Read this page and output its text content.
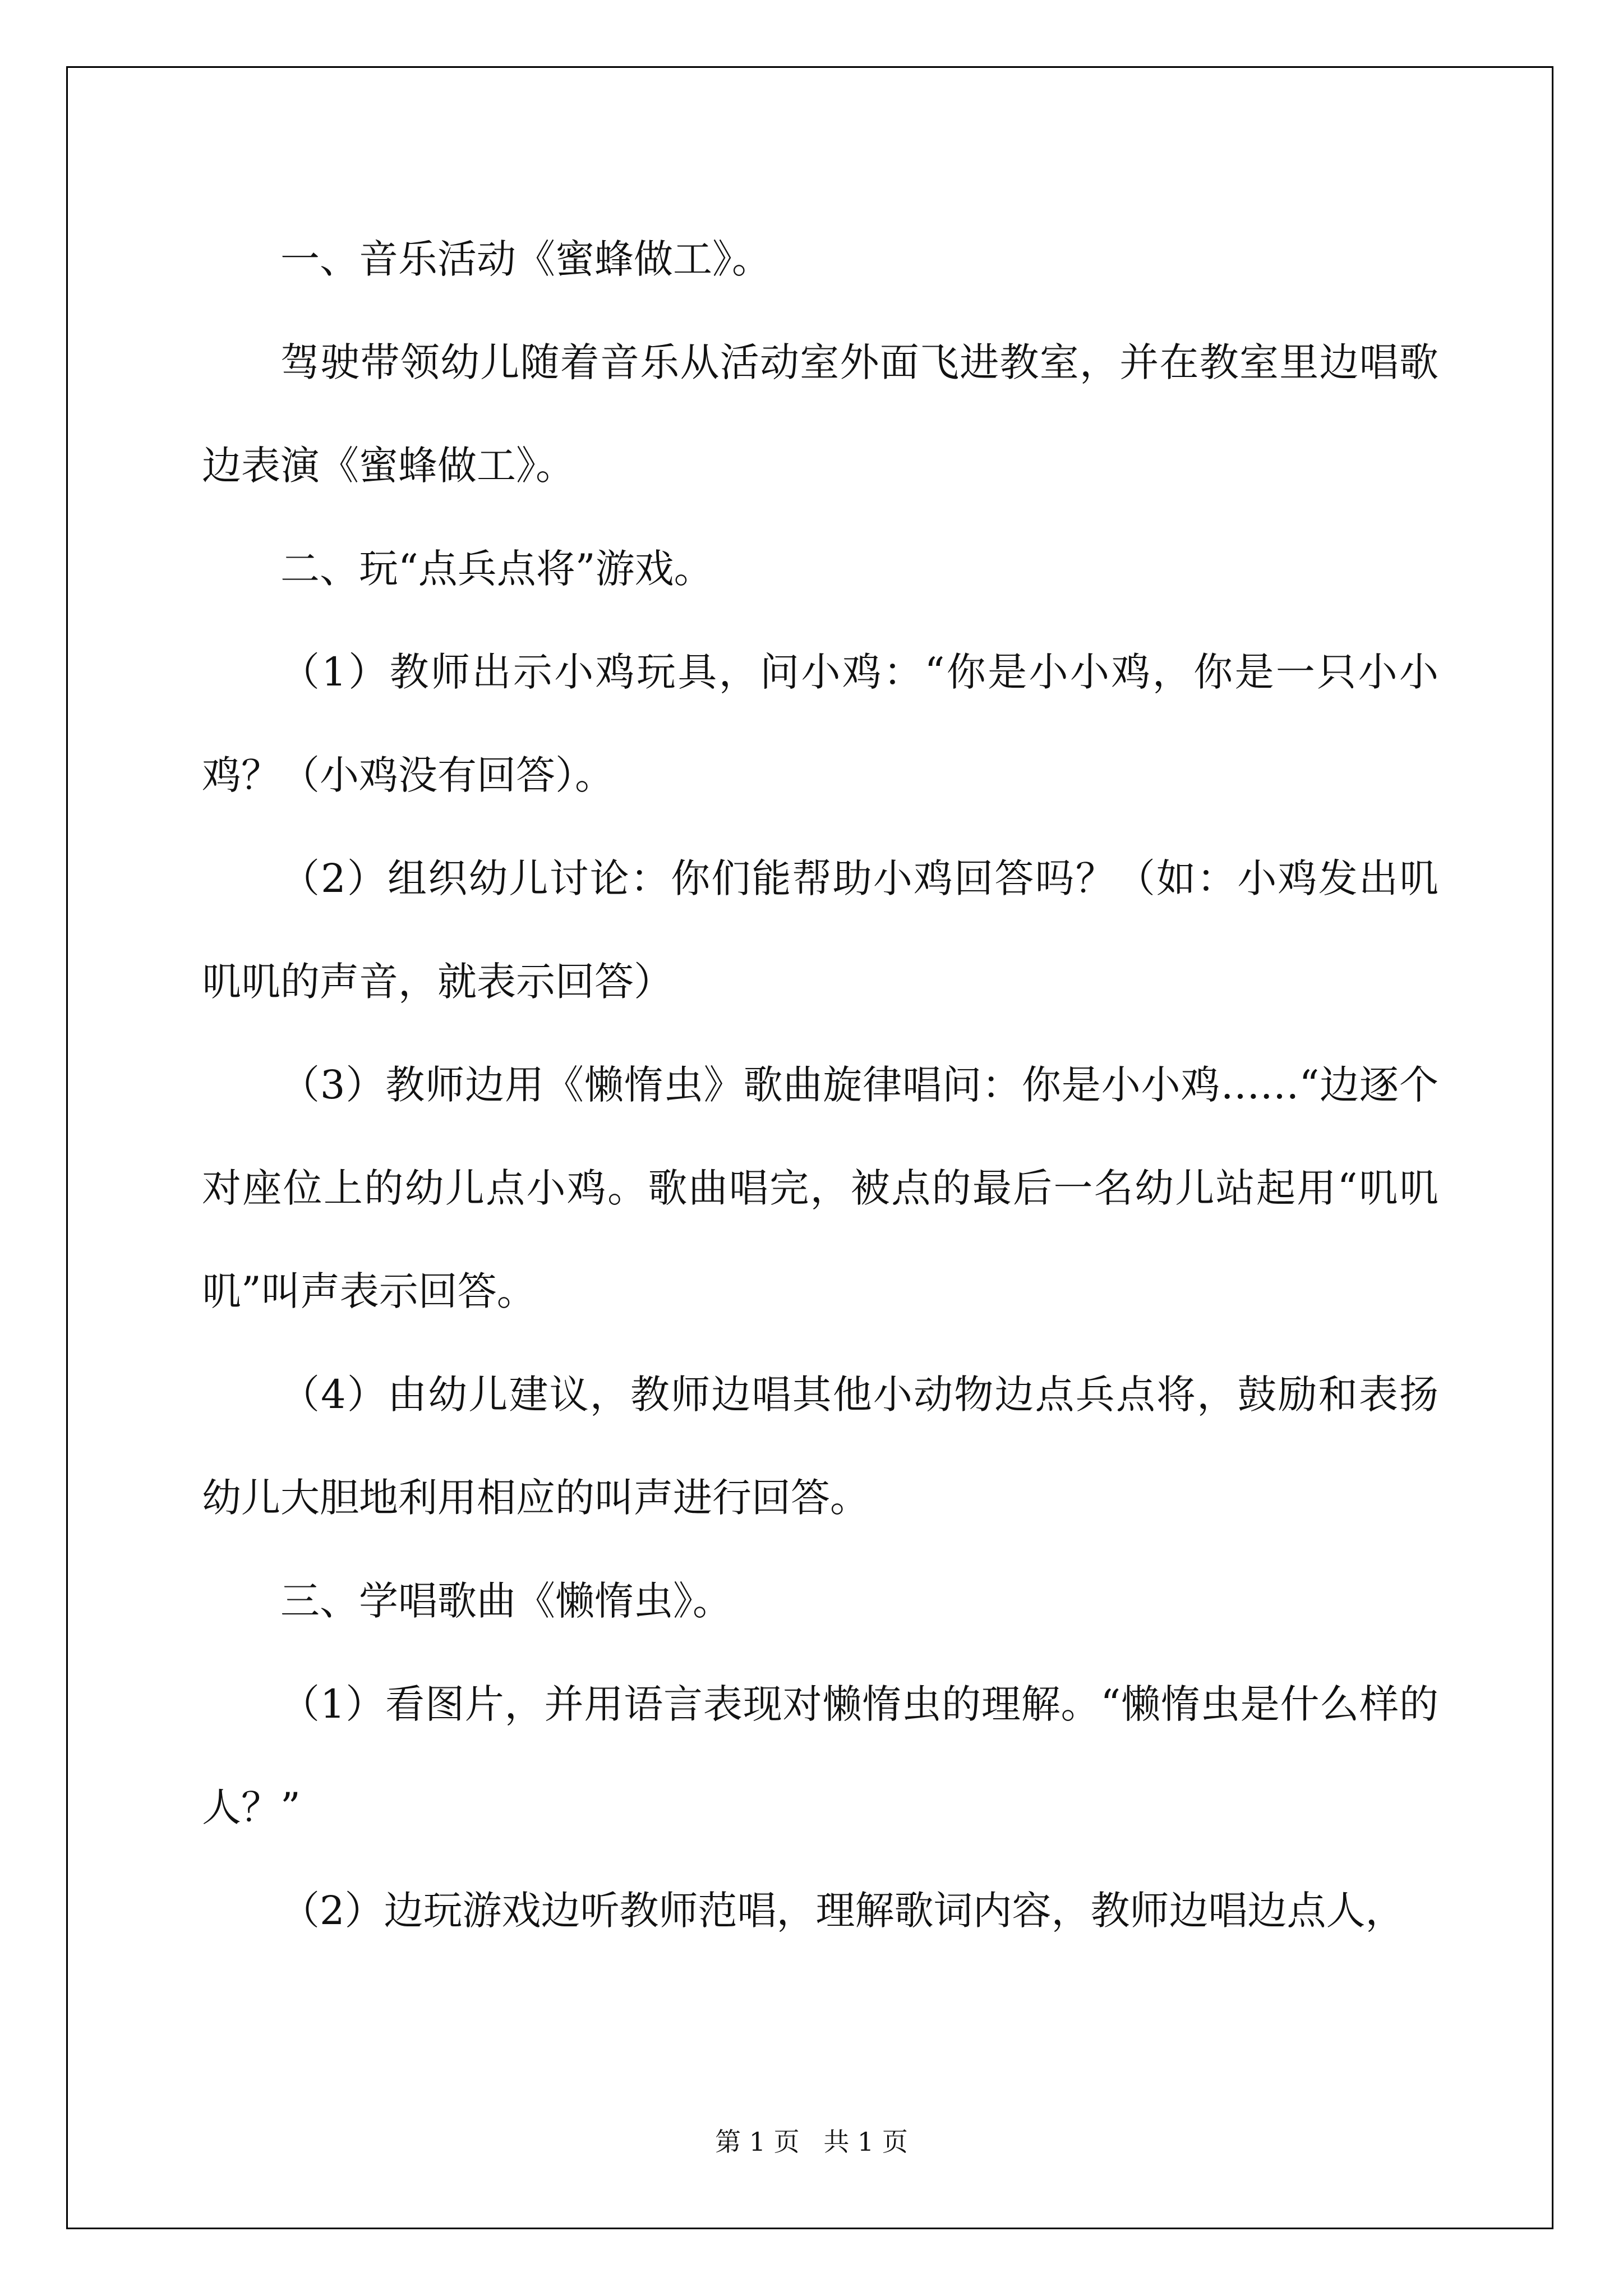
一、音乐活动《蜜蜂做工》。

驾驶带领幼儿随着音乐从活动室外面飞进教室，并在教室里边唱歌边表演《蜜蜂做工》。

二、玩“点兵点将”游戏。

（1）教师出示小鸡玩具，问小鸡：“你是小小鸡，你是一只小小鸡？（小鸡没有回答）。

（2）组织幼儿讨论：你们能帮助小鸡回答吗？（如：小鸡发出叽叽叽的声音，就表示回答）

（3）教师边用《懒惰虫》歌曲旋律唱问：你是小小鸡……“边逐个对座位上的幼儿点小鸡。歌曲唱完，被点的最后一名幼儿站起用“叽叽叽”叫声表示回答。

（4）由幼儿建议，教师边唱其他小动物边点兵点将，鼓励和表扬幼儿大胆地利用相应的叫声进行回答。

三、学唱歌曲《懒惰虫》。

（1）看图片，并用语言表现对懒惰虫的理解。“懒惰虫是什么样的人？”

（2）边玩游戏边听教师范唱，理解歌词内容，教师边唱边点人，

第 1 页 共 1 页
